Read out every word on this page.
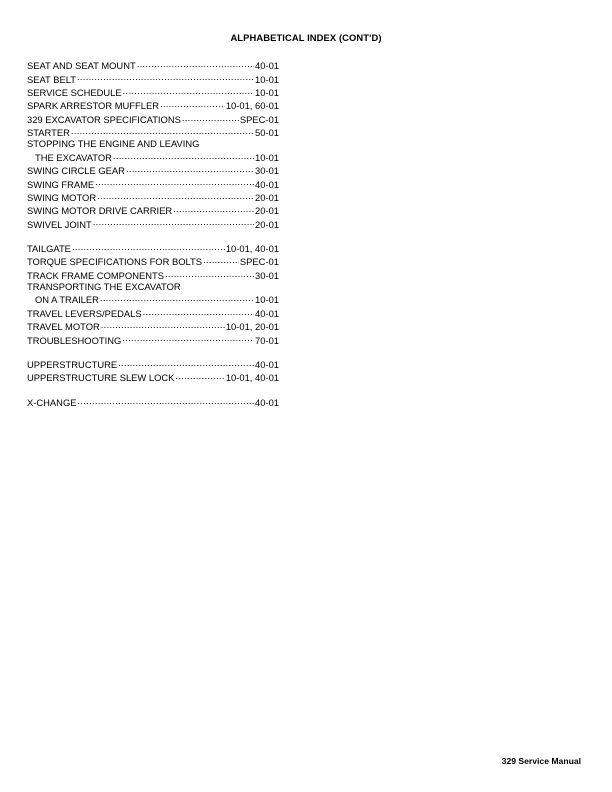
ALPHABETICAL INDEX (CONT'D)
SEAT AND SEAT MOUNT .....	40-01
SEAT BELT .....	10-01
SERVICE SCHEDULE .....	10-01
SPARK ARRESTOR MUFFLER .....	10-01, 60-01
329 EXCAVATOR SPECIFICATIONS .....	SPEC-01
STARTER .....	50-01
STOPPING THE ENGINE AND LEAVING
THE EXCAVATOR .....	10-01
SWING CIRCLE GEAR .....	30-01
SWING FRAME .....	40-01
SWING MOTOR .....	20-01
SWING MOTOR DRIVE CARRIER .....	20-01
SWIVEL JOINT .....	20-01
TAILGATE .....	10-01, 40-01
TORQUE SPECIFICATIONS FOR BOLTS .....	SPEC-01
TRACK FRAME COMPONENTS .....	30-01
TRANSPORTING THE EXCAVATOR
ON A TRAILER .....	10-01
TRAVEL LEVERS/PEDALS .....	40-01
TRAVEL MOTOR .....	10-01, 20-01
TROUBLESHOOTING .....	70-01
UPPERSTRUCTURE .....	40-01
UPPERSTRUCTURE SLEW LOCK .....	10-01, 40-01
X-CHANGE .....	40-01
329 Service Manual
